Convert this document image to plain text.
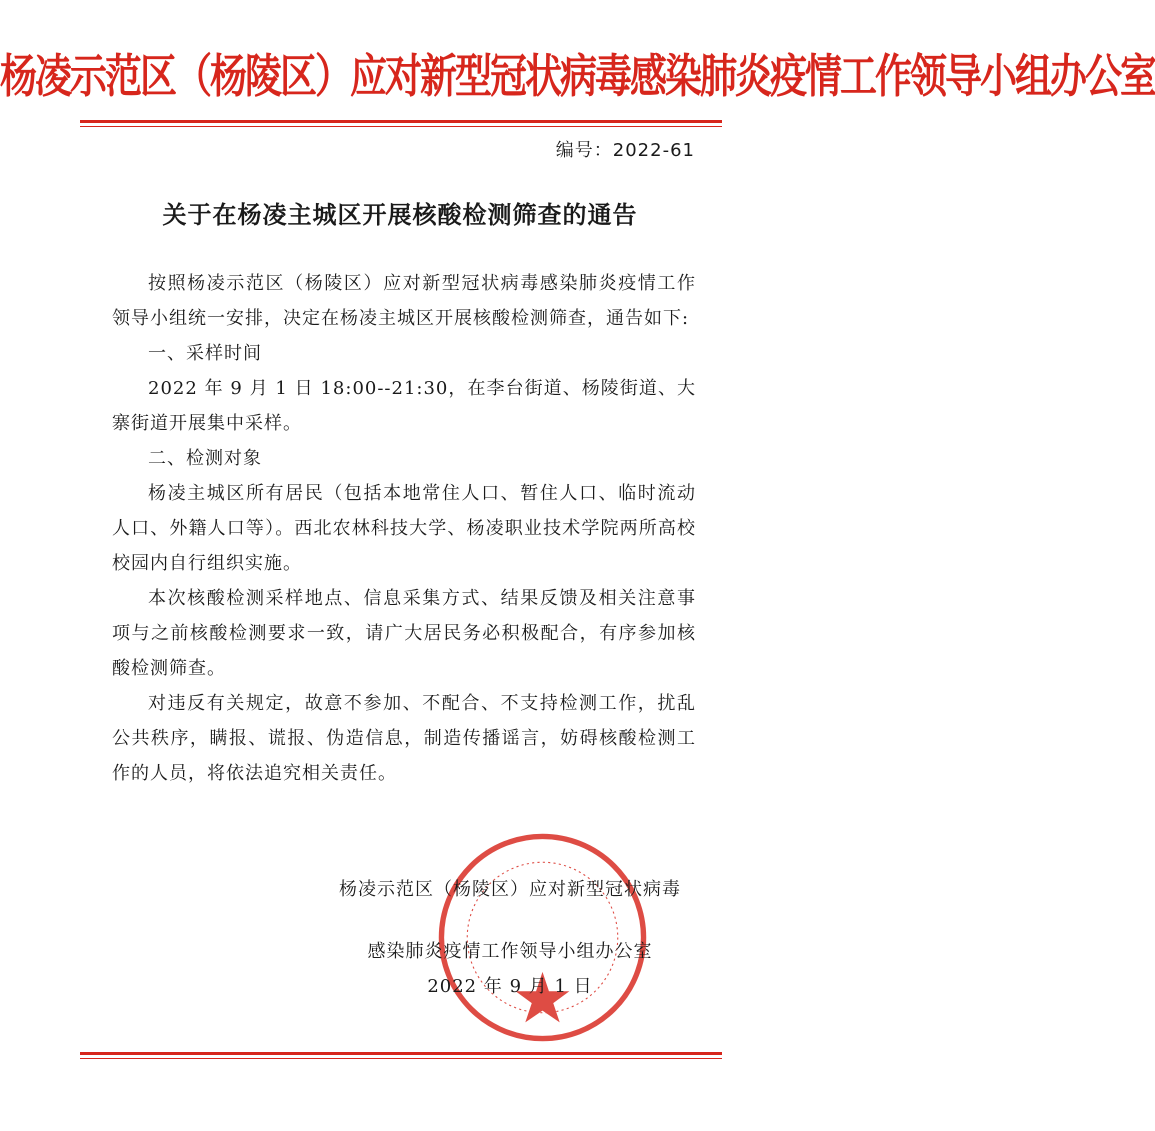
杨凌示范区（杨陵区）应对新型冠状病毒感染肺炎疫情工作领导小组办公室
编号：2022-61
关于在杨凌主城区开展核酸检测筛查的通告

按照杨凌示范区（杨陵区）应对新型冠状病毒感染肺炎疫情工作领导小组统一安排，决定在杨凌主城区开展核酸检测筛查，通告如下:

一、采样时间

2022 年 9 月 1 日 18:00--21:30，在李台街道、杨陵街道、大寨街道开展集中采样。

二、检测对象

杨凌主城区所有居民（包括本地常住人口、暂住人口、临时流动人口、外籍人口等）。西北农林科技大学、杨凌职业技术学院两所高校校园内自行组织实施。

本次核酸检测采样地点、信息采集方式、结果反馈及相关注意事项与之前核酸检测要求一致，请广大居民务必积极配合，有序参加核酸检测筛查。

对违反有关规定，故意不参加、不配合、不支持检测工作，扰乱公共秩序，瞒报、谎报、伪造信息，制造传播谣言，妨碍核酸检测工作的人员，将依法追究相关责任。

杨凌示范区（杨陵区）应对新型冠状病毒
感染肺炎疫情工作领导小组办公室
2022 年 9 月 1 日
